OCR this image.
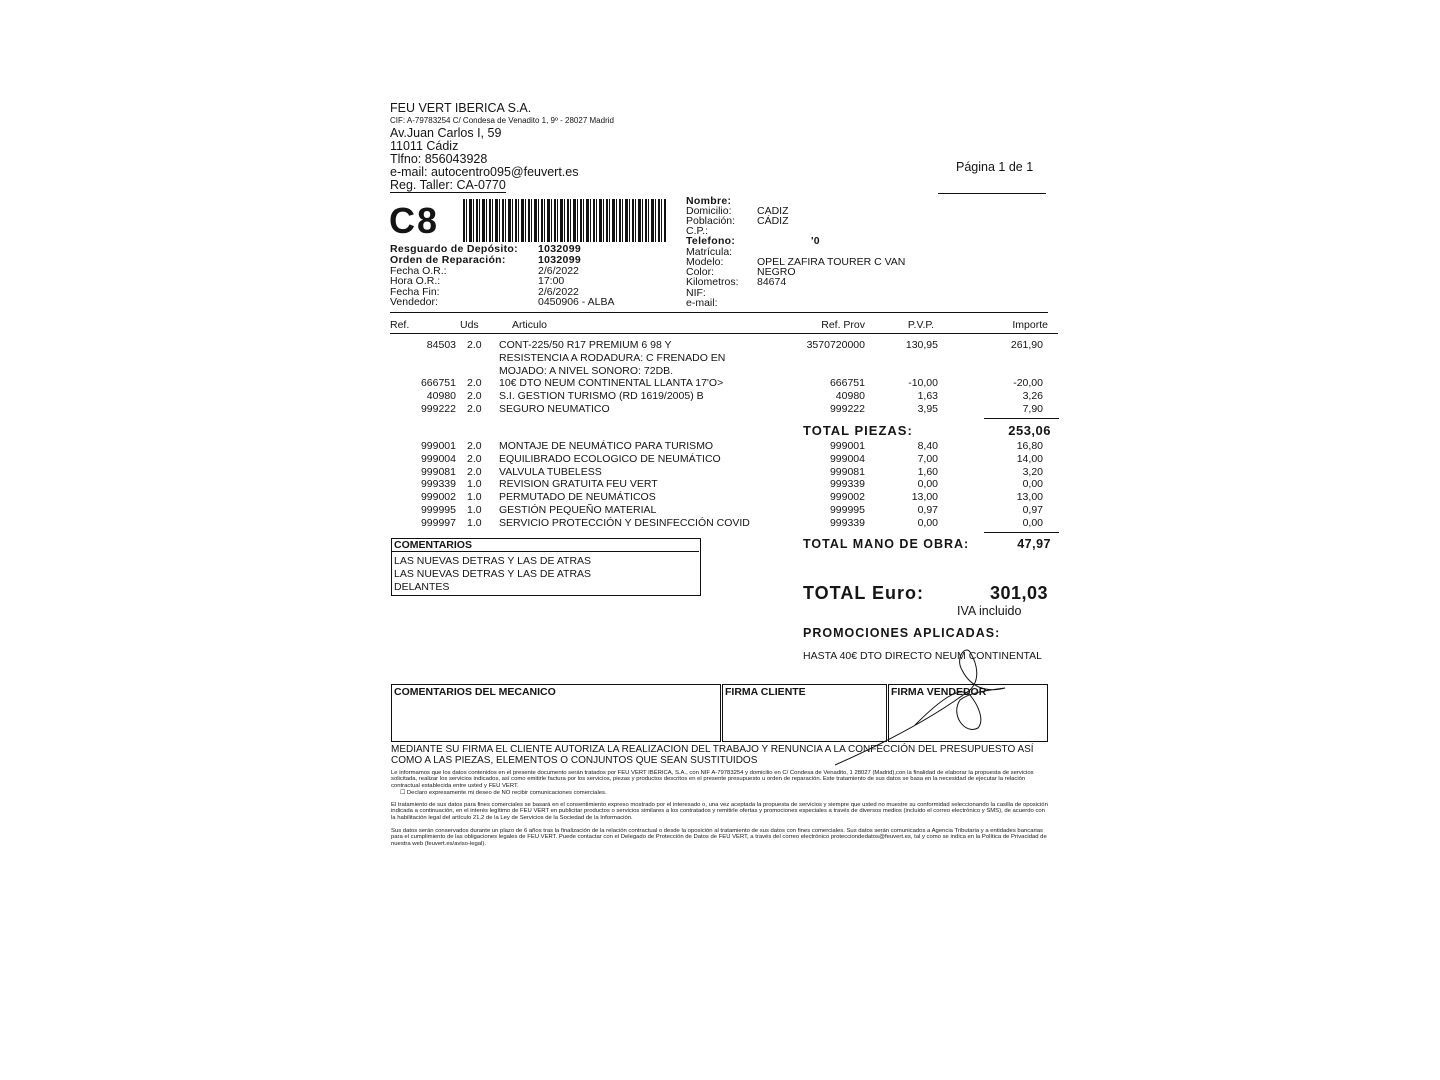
FEU VERT IBERICA S.A.
CIF: A-79783254 C/ Condesa de Venadito 1, 9º - 28027 Madrid
Av.Juan Carlos I, 59
11011 Cádiz
Tlfno: 856043928
e-mail: autocentro095@feuvert.es
Reg. Taller: CA-0770
Página 1 de 1
C8
Resguardo de Depósito: 1032099
Orden de Reparación:	1032099
Fecha O.R.:	2/6/2022
Hora O.R.:	17:00
Fecha Fin:	2/6/2022
Vendedor:	0450906 - ALBA
Nombre:
Domicilio: CADIZ
Población: CÁDIZ
C.P.:
Telefono:	'0
Matrícula:
Modelo:	OPEL ZAFIRA TOURER C VAN
Color:	NEGRO
Kilometros: 84674
NIF:
e-mail:
Ref.	Uds	Articulo	Ref. Prov	P.V.P.	Importe
84503 2.0 CONT-225/50 R17 PREMIUM 6 98 Y	3570720000	130,95	261,90
RESISTENCIA A RODADURA: C FRENADO EN
MOJADO: A NIVEL SONORO: 72DB.
666751 2.0 10€ DTO NEUM CONTINENTAL LLANTA 17'O>	666751	-10,00	-20,00
40980 2.0 S.I. GESTION TURISMO (RD 1619/2005) B	40980	1,63	3,26
999222 2.0 SEGURO NEUMATICO	999222	3,95	7,90
TOTAL PIEZAS:	253,06
999001 2.0 MONTAJE DE NEUMÁTICO PARA TURISMO	999001	8,40	16,80
999004 2.0 EQUILIBRADO ECOLOGICO DE NEUMÁTICO	999004	7,00	14,00
999081 2.0 VALVULA TUBELESS	999081	1,60	3,20
999339 1.0 REVISION GRATUITA FEU VERT	999339	0,00	0,00
999002 1.0 PERMUTADO DE NEUMÁTICOS	999002	13,00	13,00
999995 1.0 GESTIÓN PEQUEÑO MATERIAL	999995	0,97	0,97
999997 1.0 SERVICIO PROTECCIÓN Y DESINFECCIÓN COVID	999339	0,00	0,00
TOTAL MANO DE OBRA:	47,97
COMENTARIOS
LAS NUEVAS DETRAS Y LAS DE ATRAS
LAS NUEVAS DETRAS Y LAS DE ATRAS
DELANTES	TOTAL Euro:	301,03
IVA incluido
PROMOCIONES APLICADAS:
HASTA 40€ DTO DIRECTO NEUM CONTINENTAL
COMENTARIOS DEL MECANICO	FIRMA CLIENTE	FIRMA VENDEDOR
MEDIANTE SU FIRMA EL CLIENTE AUTORIZA LA REALIZACION DEL TRABAJO Y RENUNCIA A LA CONFECCIÓN DEL PRESUPUESTO ASÍ COMO A LAS PIEZAS, ELEMENTOS O CONJUNTOS QUE SEAN SUSTITUIDOS
Le informamos que los datos contenidos en el presente documento serán tratados por FEU VERT IBÉRICA, S.A., con NIF A-79783254 y domicilio en C/ Condesa de Venadito, 1 28027 (Madrid),con la finalidad de elaborar la propuesta de servicios solicitada, realizar los servicios indicados, así como emitirle factura por los servicios, piezas y productos descritos en el presente presupuesto u orden de reparación. Este tratamiento de sus datos se basa en la necesidad de ejecutar la relación contractual establecida entre usted y FEU VERT.
☐ Declaro expresamente mi deseo de NO recibir comunicaciones comerciales.
El tratamiento de sus datos para fines comerciales se basará en el consentimiento expreso mostrado por el interesado o, una vez aceptada la propuesta de servicios y siempre que usted no muestre su conformidad seleccionando la casilla de oposición indicada a continuación, en el interés legítimo de FEU VERT en publicitar productos o servicios similares a los contratados y remitirle ofertas y promociones especiales a través de diversos medios (incluido el correo electrónico y SMS), de acuerdo con la habilitación legal del artículo 21.2 de la Ley de Servicios de la Sociedad de la Información.
Sus datos serán conservados durante un plazo de 6 años tras la finalización de la relación contractual o desde la oposición al tratamiento de sus datos con fines comerciales. Sus datos serán comunicados a Agencia Tributaria y a entidades bancarias para el cumplimiento de las obligaciones legales de FEU VERT. Puede contactar con el Delegado de Protección de Datos de FEU VERT, a través del correo electrónico protecciondedatos@feuvert.es, tal y como se indica en la Política de Privacidad de nuestra web (feuvert.es/aviso-legal).
